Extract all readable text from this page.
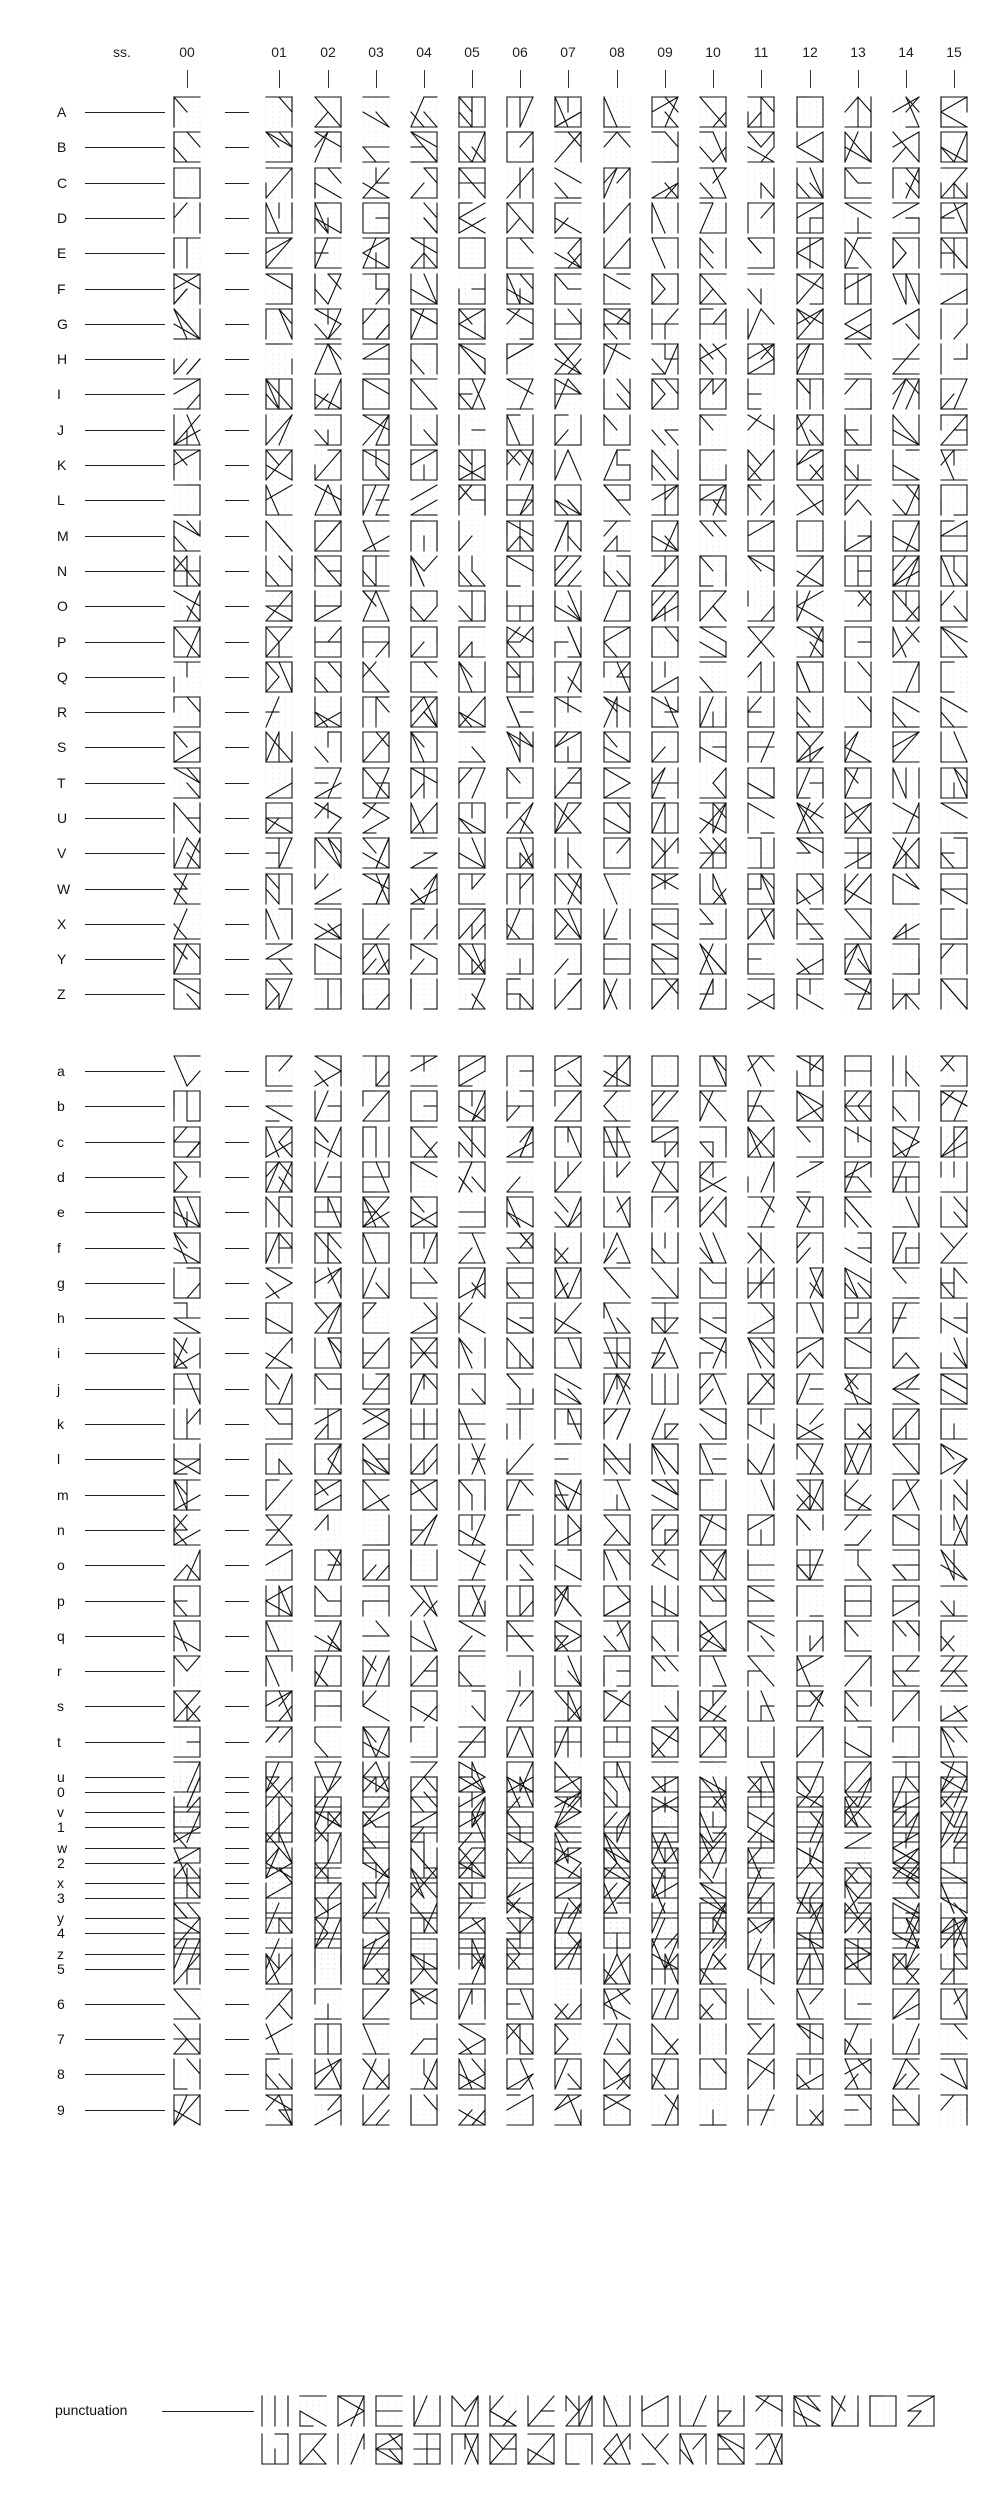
ss.	00	01	02	03	04	05	06	07	08	09	10	11	12	13	14	15
A
B
C
D
E
F
G
H
I
J
K
L
M
N
O
P
Q
R
S
T
U
V
W
X
Y
Z
a
b
c
d
e
f
g
h
i
j
k
l
m
n
o
p
q
r
s
t
u
v
w
x
y
z
0
1
2
3
4
5
6
7
8
9
punctuation
